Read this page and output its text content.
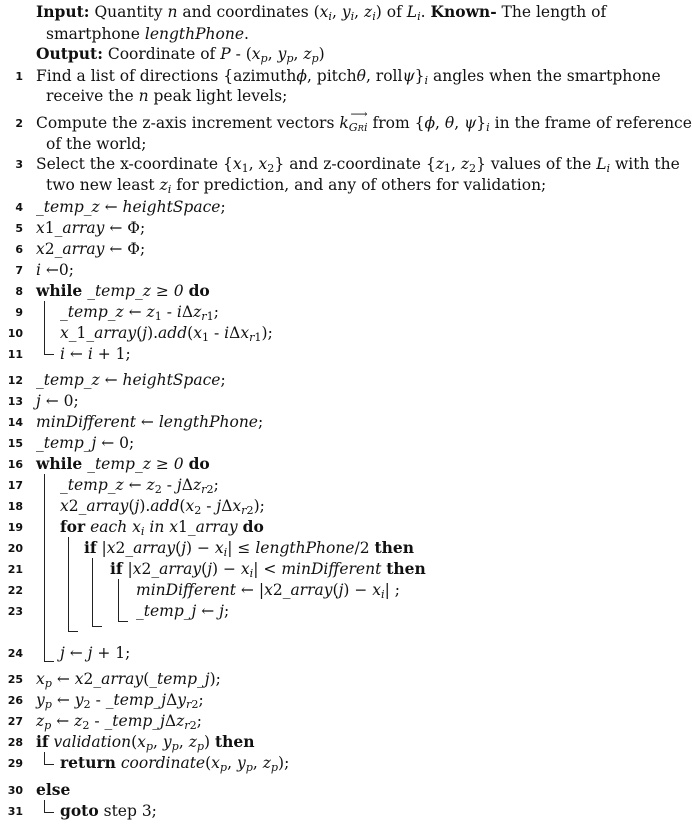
Input: Quantity n and coordinates ($x_i$, $y_i$, $z_i$) of $L_i$. Known- The length of
smartphone lengthPhone.
Output: Coordinate of P - ($x_p$, $y_p$, $z_p$)
1 Find a list of directions {azimuthϕ, pitchθ, $roll\psi\}_i$ angles when the smartphone
receive the n peak light levels;
2 Compute the z-axis increment vectors ⟶
$k_{GRi}$ from {ϕ, θ, $\psi\}_i$ in the frame of reference
of the world;
3 Select the x-coordinate {$x_1$, $x_2$} and z-coordinate {$z_1$, $z_2$} values of the $L_i$ with the
two new least $z_i$ for prediction, and any of others for validation;
4 _temp_z ← heightSpace;
5 x1_array ← Φ;
6 x2_array ← Φ;
7 i ←0;
8 while _temp_z ≥ 0 do
9 _temp_z ← $z_1 - i\Delta z_{r1}$;
10 $x\_1\_array(j).add(x_1 - i\Delta x_{r1})$;
11 i ← i + 1;
12 _temp_z ← heightSpace;
13 j ← 0;
14 minDifferent ← lengthPhone;
15 _temp_j ← 0;
16 while _temp_z ≥ 0 do
17 _temp_z ← $z_2 - j\Delta z_{r2}$;
18 $x2\_array(j).add(x_2 - j\Delta x_{r2})$;
19 for each $x_i$ in x1_array do
20	if |x2_array(j) − $x_i|$ ≤ lengthPhone/2 then
21	if |x2_array(j) − $x_i|$ < minDifferent then
22	minDifferent ← |x2_array(j) − $x_i|$ ;
23	_temp_j ← j;
24 j ← j + 1;
25 $x_p$ ← x2_array(_temp_j);
26 $y_p$ ← $y_2$ - _temp_jΔy$_{r2}$;
27 $z_p$ ← $z_2$ - _temp_jΔz$_{r2}$;
28 if $validation(x_p$, $y_p$, $z_p$) then
29 return $coordinate(x_p$, $y_p$, $z_p$);
30 else
31 goto step 3;
